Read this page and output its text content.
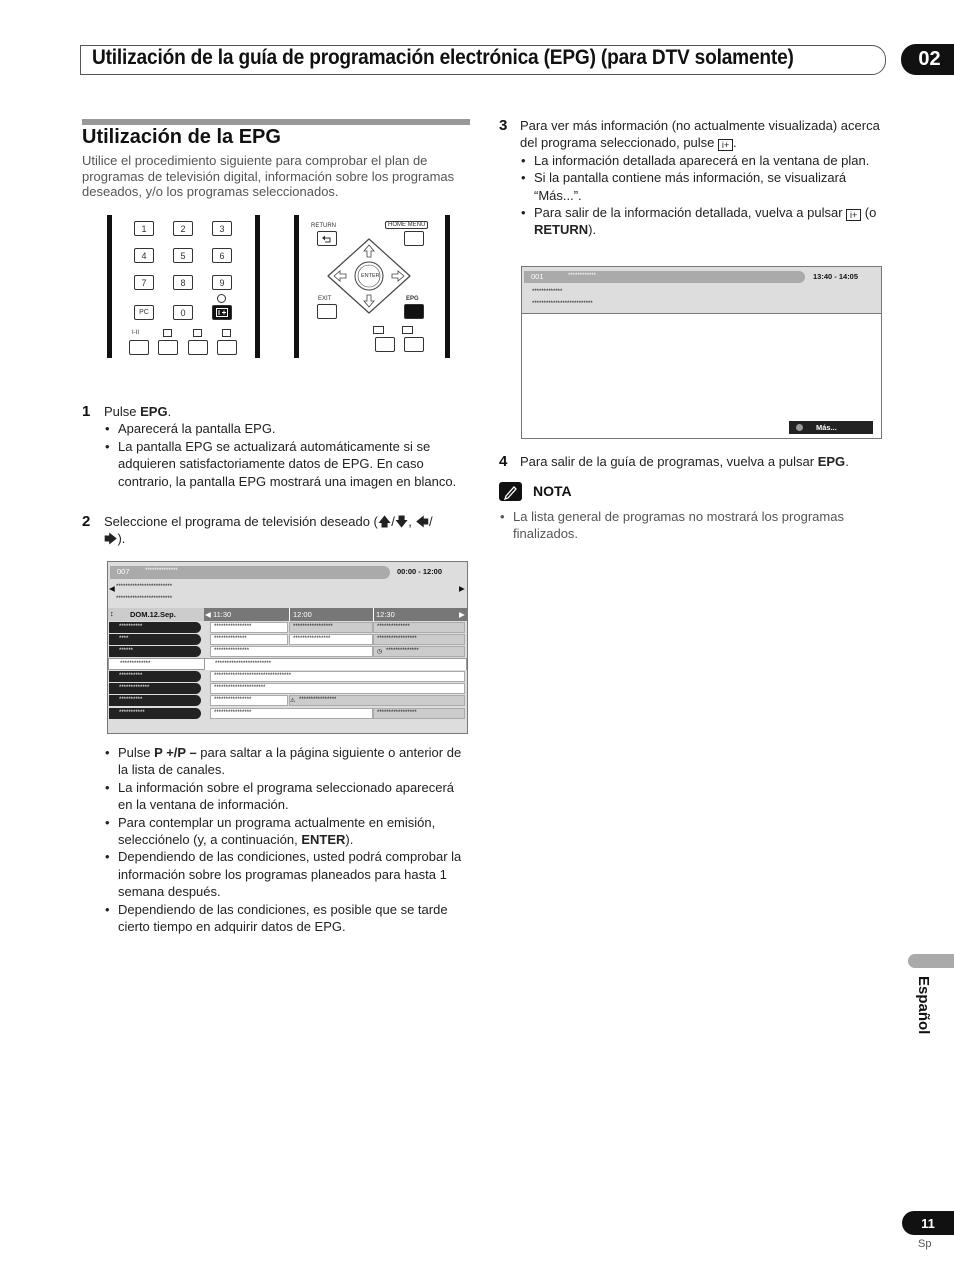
Utilización de la guía de programación electrónica (EPG) (para DTV solamente)	02
Utilización de la EPG
Utilice el procedimiento siguiente para comprobar el plan de programas de televisión digital, información sobre los programas deseados, y/o los programas seleccionados.
1	2	3
4	5	6
7	8	9
PC	0
I-II
RETURN	HOME MENU
ENTER
EXIT	EPG
1 Pulse EPG.
• Aparecerá la pantalla EPG.
• La pantalla EPG se actualizará automáticamente si se adquieren satisfactoriamente datos de EPG. En caso contrario, la pantalla EPG mostrará una imagen en blanco.
2 Seleccione el programa de televisión deseado (🡅/🡇, 🡄/
🡆).
007	**************	00:00 - 12:00
◀	▶
************************
************************
↕ DOM.12.Sep.	◀ 11:30	12:00	12:30	▶
**********	****************	*****************	**************
****	**************	****************	*****************
******	***************	◷ **************
*************	************************
**********	*********************************
*************	**********************
**********	****************	⚠ ****************
***********	****************	*****************
• Pulse P +/P – para saltar a la página siguiente o anterior de la lista de canales.
• La información sobre el programa seleccionado aparecerá en la ventana de información.
• Para contemplar un programa actualmente en emisión, selecciónelo (y, a continuación, ENTER).
• Dependiendo de las condiciones, usted podrá comprobar la información sobre los programas planeados para hasta 1 semana después.
• Dependiendo de las condiciones, es posible que se tarde cierto tiempo en adquirir datos de EPG.
3 Para ver más información (no actualmente visualizada) acerca del programa seleccionado, pulse i+ .
• La información detallada aparecerá en la ventana de plan.
• Si la pantalla contiene más información, se visualizará “Más...”.
• Para salir de la información detallada, vuelva a pulsar i+ (o RETURN).
001	************	13:40 - 14:05
*************
**************************
Más...
4 Para salir de la guía de programas, vuelva a pulsar EPG.
NOTA
• La lista general de programas no mostrará los programas finalizados.
Español
11
Sp
